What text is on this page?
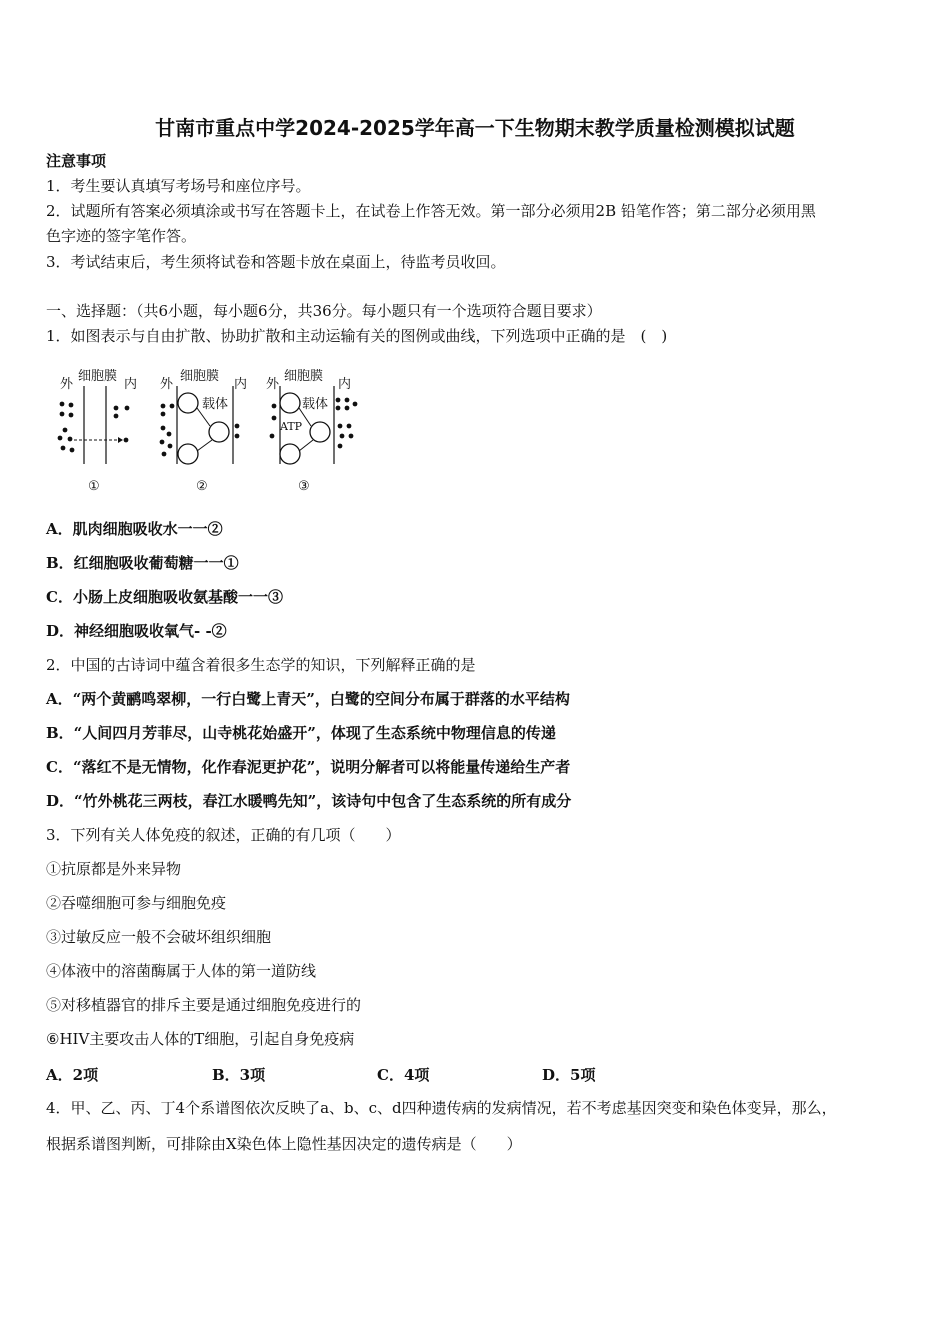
甘南市重点中学2024-2025学年高一下生物期末教学质量检测模拟试题
注意事项
1．考生要认真填写考场号和座位序号。
2．试题所有答案必须填涂或书写在答题卡上，在试卷上作答无效。第一部分必须用2B 铅笔作答；第二部分必须用黑
色字迹的签字笔作答。
3．考试结束后，考生须将试卷和答题卡放在桌面上，待监考员收回。
一、选择题：（共6小题，每小题6分，共36分。每小题只有一个选项符合题目要求）
1．如图表示与自由扩散、协助扩散和主动运输有关的图例或曲线，下列选项中正确的是　(　)
外
细胞膜
内
①
外
细胞膜
内
载体
②
外
细胞膜
内
载体
ATP
③
A．肌肉细胞吸收水一一②
B．红细胞吸收葡萄糖一一①
C．小肠上皮细胞吸收氨基酸一一③
D．神经细胞吸收氧气- -②
2．中国的古诗词中蕴含着很多生态学的知识，下列解释正确的是
A．“两个黄鹂鸣翠柳，一行白鹭上青天”，白鹭的空间分布属于群落的水平结构
B．“人间四月芳菲尽，山寺桃花始盛开”，体现了生态系统中物理信息的传递
C．“落红不是无情物，化作春泥更护花”，说明分解者可以将能量传递给生产者
D．“竹外桃花三两枝，春江水暖鸭先知”，该诗句中包含了生态系统的所有成分
3．下列有关人体免疫的叙述，正确的有几项（　　）
①抗原都是外来异物
②吞噬细胞可参与细胞免疫
③过敏反应一般不会破坏组织细胞
④体液中的溶菌酶属于人体的第一道防线
⑤对移植器官的排斥主要是通过细胞免疫进行的
⑥HIV主要攻击人体的T细胞，引起自身免疫病
A．2项	B．3项	C．4项	D．5项
4．甲、乙、丙、丁4个系谱图依次反映了a、b、c、d四种遗传病的发病情况，若不考虑基因突变和染色体变异，那么，
根据系谱图判断，可排除由X染色体上隐性基因决定的遗传病是（　　）
